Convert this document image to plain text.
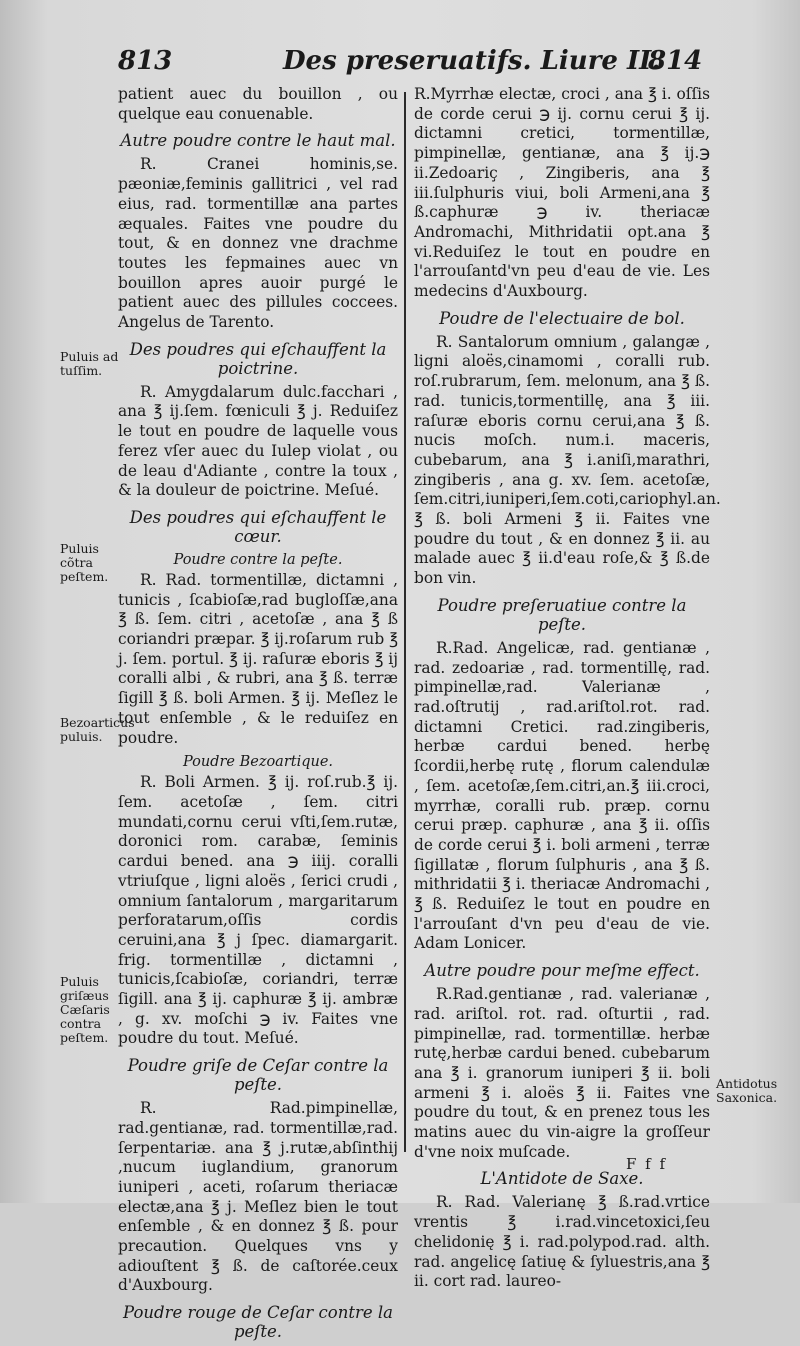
813	Des preseruatifs. Liure II.
814

patient auec du bouillon , ou quelque eau conuenable.

Autre poudre contre le haut mal.

R. Cranei hominis,se. pæoniæ,feminis gallitrici , vel rad eius, rad. tormentillæ ana partes æquales. Faites vne poudre du tout, & en donnez vne drachme toutes les fepmaines auec vn bouillon apres auoir purgé le patient auec des pillules coccees. Angelus de Tarento.

Des poudres qui eſchauffent la poictrine.

R. Amygdalarum dulc.facchari , ana ℥ ij.ſem. fœniculi ℥ j. Reduiſez le tout en poudre de laquelle vous ferez vſer auec du Iulep violat , ou de leau d'Adiante , contre la toux , & la douleur de poictrine. Meſué.

Des poudres qui eſchauffent le cœur.
Poudre contre la peſte.

R. Rad. tormentillæ, dictamni , tunicis , ſcabioſæ,rad bugloſſæ,ana ℥ ß. ſem. citri , acetoſæ , ana ℥ ß coriandri præpar. ℥ ij.roſarum rub ℥ j. ſem. portul. ℥ ij. raſuræ eboris ℥ ij coralli albi , & rubri, ana ℥ ß. terræ ſigill ℥ ß. boli Armen. ℥ ij. Meſlez le tout enſemble , & le reduiſez en poudre.

Poudre Bezoartique.

R. Boli Armen. ℥ ij. roſ.rub.℥ ij. ſem. acetoſæ , ſem. citri mundati,cornu cerui vſti,ſem.rutæ, doronici rom. carabæ, ſeminis cardui bened. ana ℈ iiij. coralli vtriuſque , ligni aloës , ſerici crudi , omnium ſantalorum , margaritarum perforatarum,oſſis cordis ceruini,ana ℥ j ſpec. diamargarit. frig. tormentillæ , dictamni , tunicis,ſcabioſæ, coriandri, terræ ſigill. ana ℥ ij. caphuræ ℥ ij. ambræ , g. xv. moſchi ℈ iv. Faites vne poudre du tout. Meſué.

Poudre griſe de Ceſar contre la peſte.

R. Rad.pimpinellæ, rad.gentianæ, rad. tormentillæ,rad. ſerpentariæ. ana ℥ j.rutæ,abſinthij ,nucum iuglandium, granorum iuniperi , aceti, roſarum theriacæ electæ,ana ℥ j. Meſlez bien le tout enſemble , & en donnez ℥ ß. pour precaution. Quelques vns y adiouſtent ℥ ß. de caſtorée.ceux d'Auxbourg.

Poudre rouge de Ceſar contre la peſte.

R.Myrrhæ electæ, croci , ana ℥ i. oſſis de corde cerui ℈ ij. cornu cerui ℥ ij. dictamni cretici, tormentillæ, pimpinellæ, gentianæ, ana ℥ ij.℈ ii.Zedoariç , Zingiberis, ana ℥ iii.ſulphuris viui, boli Armeni,ana ℥ ß.caphuræ ℈ iv. theriacæ Andromachi, Mithridatii opt.ana ℥ vi.Reduiſez le tout en poudre en l'arrouſantd'vn peu d'eau de vie. Les medecins d'Auxbourg.

Poudre de l'electuaire de bol.

R. Santalorum omnium , galangæ , ligni aloës,cinamomi , coralli rub. roſ.rubrarum, ſem. melonum, ana ℥ ß. rad. tunicis,tormentillę, ana ℥ iii. raſuræ eboris cornu cerui,ana ℥ ß. nucis moſch. num.i. maceris, cubebarum, ana ℥ i.aniſi,marathri, zingiberis , ana g. xv. ſem. acetoſæ, ſem.citri,iuniperi,ſem.coti,cariophyl.an. ℥ ß. boli Armeni ℥ ii. Faites vne poudre du tout , & en donnez ℥ ii. au malade auec ℥ ii.d'eau roſe,& ℥ ß.de bon vin.

Poudre preſeruatiue contre la peſte.

R.Rad. Angelicæ, rad. gentianæ , rad. zedoariæ , rad. tormentillę, rad. pimpinellæ,rad. Valerianæ , rad.oſtrutij , rad.ariſtol.rot. rad. dictamni Cretici. rad.zingiberis, herbæ cardui bened. herbę ſcordii,herbę rutę , florum calendulæ , ſem. acetoſæ,ſem.citri,an.℥ iii.croci, myrrhæ, coralli rub. præp. cornu cerui præp. caphuræ , ana ℥ ii. oſſis de corde cerui ℥ i. boli armeni , terræ ſigillatæ , florum ſulphuris , ana ℥ ß. mithridatii ℥ i. theriacæ Andromachi , ℥ ß. Reduiſez le tout en poudre en l'arrouſant d'vn peu d'eau de vie. Adam Lonicer.

Autre poudre pour meſme effect.

R.Rad.gentianæ , rad. valerianæ , rad. ariſtol. rot. rad. oſturtii , rad. pimpinellæ, rad. tormentillæ. herbæ rutę,herbæ cardui bened. cubebarum ana ℥ i. granorum iuniperi ℥ ii. boli armeni ℥ i. aloës ℥ ii. Faites vne poudre du tout, & en prenez tous les matins auec du vin-aigre la groſſeur d'vne noix muſcade.

L'Antidote de Saxe.

R. Rad. Valerianę ℥ ß.rad.vrtice vrentis ℥ i.rad.vincetoxici,ſeu chelidonię ℥ i. rad.polypod.rad. alth. rad. angelicę ſatiuę & ſyluestris,ana ℥ ii. cort rad. laureo-

Puluis ad tuſſim.
Puluis cõtra peſtem.
Bezoarticus puluis.
Puluis griſæus Cæſaris contra peſtem.
Antidotus Saxonica.
F f f
